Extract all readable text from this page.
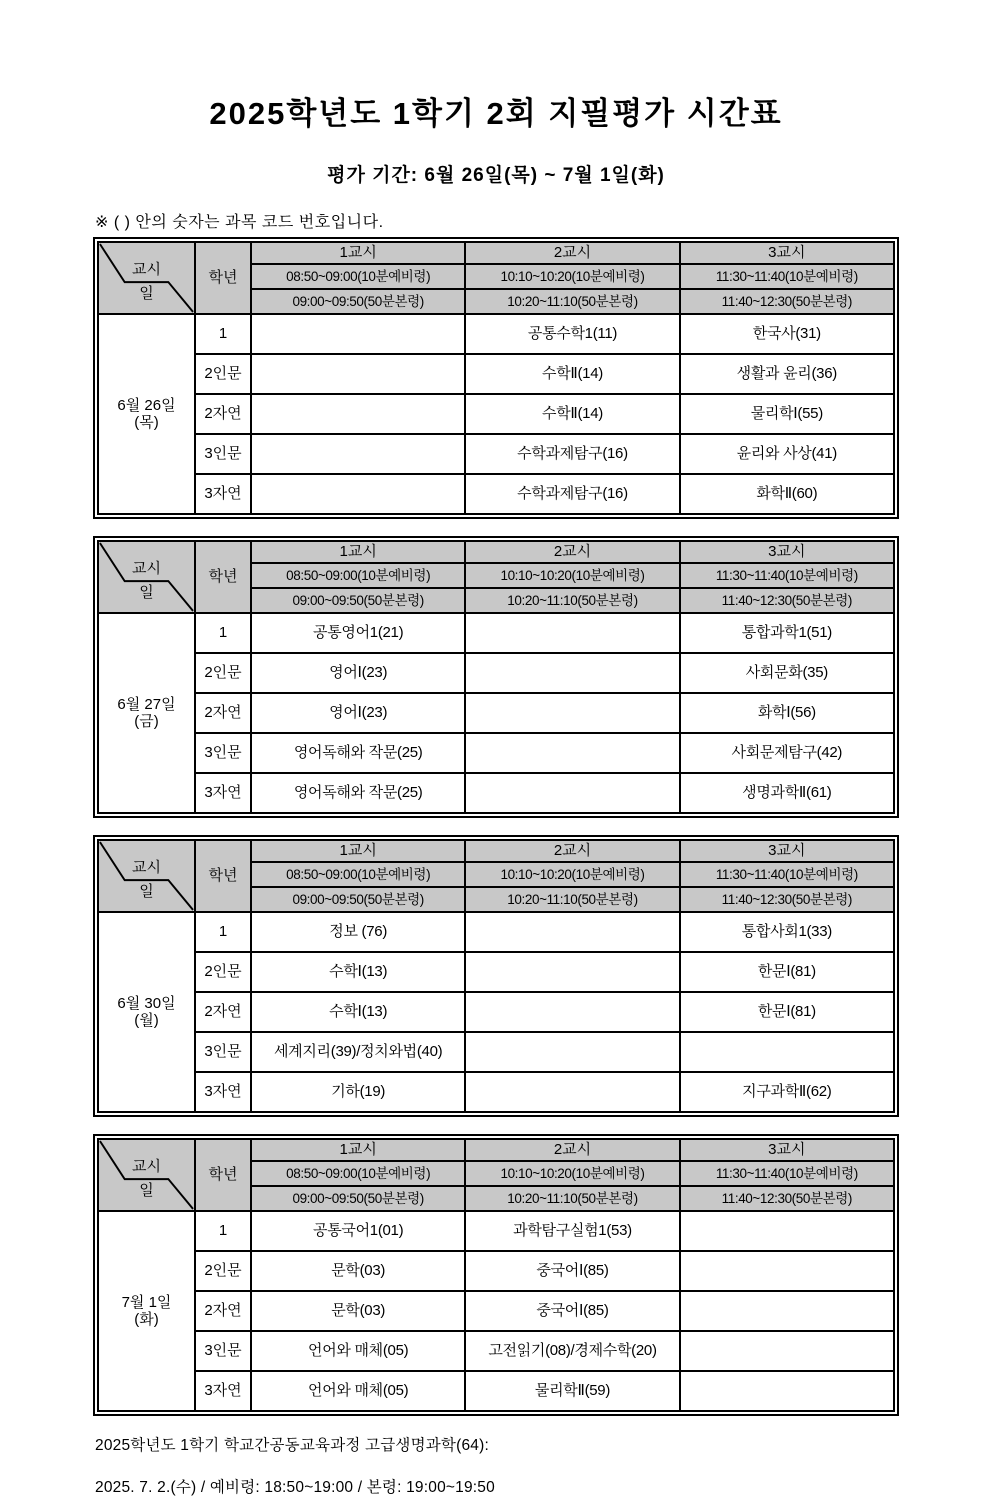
2025학년도 1학기 2회 지필평가 시간표
평가 기간: 6월 26일(목) ~ 7월 1일(화)
※ ( ) 안의 숫자는 과목 코드 번호입니다.
교시
일	학년	1교시	2교시	3교시
		08:50~09:00(10분예비령)	10:10~10:20(10분예비령)	11:30~11:40(10분예비령)
		09:00~09:50(50분본령)	10:20~11:10(50분본령)	11:40~12:30(50분본령)

6월 26일
(목)	1		공통수학1(11)	한국사(31)
	2인문		수학Ⅱ(14)	생활과 윤리(36)
	2자연		수학Ⅱ(14)	물리학Ⅰ(55)
	3인문		수학과제탐구(16)	윤리와 사상(41)
	3자연		수학과제탐구(16)	화학Ⅱ(60)
교시
일	학년	1교시	2교시	3교시
		08:50~09:00(10분예비령)	10:10~10:20(10분예비령)	11:30~11:40(10분예비령)
		09:00~09:50(50분본령)	10:20~11:10(50분본령)	11:40~12:30(50분본령)

6월 27일
(금)	1	공통영어1(21)		통합과학1(51)
	2인문	영어Ⅰ(23)		사회문화(35)
	2자연	영어Ⅰ(23)		화학Ⅰ(56)
	3인문	영어독해와 작문(25)		사회문제탐구(42)
	3자연	영어독해와 작문(25)		생명과학Ⅱ(61)
교시
일	학년	1교시	2교시	3교시
		08:50~09:00(10분예비령)	10:10~10:20(10분예비령)	11:30~11:40(10분예비령)
		09:00~09:50(50분본령)	10:20~11:10(50분본령)	11:40~12:30(50분본령)

6월 30일
(월)	1	정보 (76)		통합사회1(33)
	2인문	수학Ⅰ(13)		한문Ⅰ(81)
	2자연	수학Ⅰ(13)		한문Ⅰ(81)
	3인문	세계지리(39)/정치와법(40)		
	3자연	기하(19)		지구과학Ⅱ(62)
교시
일	학년	1교시	2교시	3교시
		08:50~09:00(10분예비령)	10:10~10:20(10분예비령)	11:30~11:40(10분예비령)
		09:00~09:50(50분본령)	10:20~11:10(50분본령)	11:40~12:30(50분본령)

7월 1일
(화)	1	공통국어1(01)	과학탐구실험1(53)	
	2인문	문학(03)	중국어Ⅰ(85)	
	2자연	문학(03)	중국어Ⅰ(85)	
	3인문	언어와 매체(05)	고전읽기(08)/경제수학(20)	
	3자연	언어와 매체(05)	물리학Ⅱ(59)	
2025학년도 1학기 학교간공동교육과정 고급생명과학(64):
2025. 7. 2.(수) / 예비령: 18:50~19:00 / 본령: 19:00~19:50
